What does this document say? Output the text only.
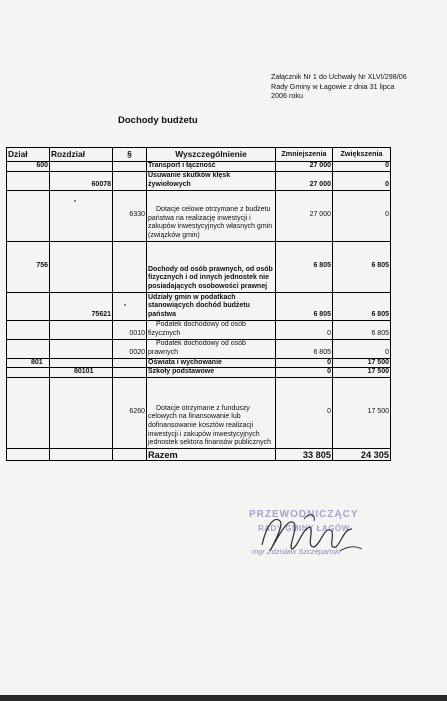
Załącznik Nr 1 do Uchwały Nr XLVI/298/06 Rady Gminy w Łagowie z dnia 31 lipca 2006 roku
Dochody budżetu
Dział	Rozdział	§	Wyszczególnienie	Zmniejszenia	Zwiększenia
600			Transport i łączność	27 000	0
	60078		Usuwanie skutków klęsk żywiołowych	27 000	0
		6330	Dotacje celowe otrzymane z budżetu państwa na realizację inwestycji i zakupów inwestycyjnych własnych gmin (związków gmin)	27 000	0
756			Dochody od osób prawnych, od osób fizycznych i od innych jednostek nie posiadających osobowości prawnej	6 805	6 805
	75621		Udziały gmin w podatkach stanowiących dochód budżetu państwa	6 805	6 805
		0010	Podatek dochodowy od osób fizycznych	0	6 805
		0020	Podatek dochodowy od osób prawnych	6 805	0
801			Oświata i wychowanie	0	17 500
	80101		Szkoły podstawowe	0	17 500
		6260	Dotacje otrzymane z funduszy celowych na finansowanie lub dofinansowanie kosztów realizacji inwestycji i zakupów inwestycyjnych jednostek sektora finansów publicznych	0	17 500
			Razem	33 805	24 305
PRZEWODNICZĄCY
RADY GMINY ŁAGÓW
mgr Zdzisław Szczepański
